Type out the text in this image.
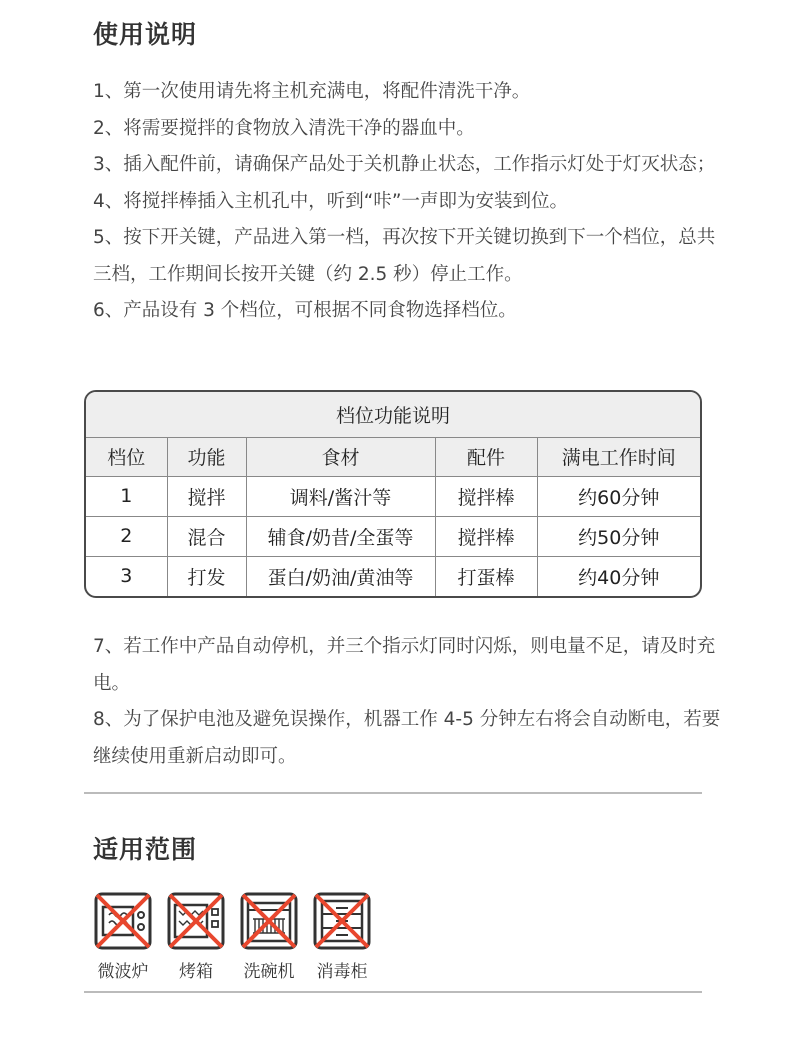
使用说明

1、第一次使用请先将主机充满电，将配件清洗干净。

2、将需要搅拌的食物放入清洗干净的器血中。

3、插入配件前，请确保产品处于关机静止状态，工作指示灯处于灯灭状态；

4、将搅拌棒插入主机孔中，听到“咔”一声即为安装到位。

5、按下开关键，产品进入第一档，再次按下开关键切换到下一个档位，总共三档，工作期间长按开关键（约 2.5 秒）停止工作。

6、产品设有 3 个档位，可根据不同食物选择档位。

档位功能说明
档位	功能	食材	配件	满电工作时间
1	搅拌	调料/酱汁等	搅拌棒	约60分钟
2	混合	辅食/奶昔/全蛋等	搅拌棒	约50分钟
3	打发	蛋白/奶油/黄油等	打蛋棒	约40分钟

7、若工作中产品自动停机，并三个指示灯同时闪烁，则电量不足，请及时充电。

8、为了保护电池及避免误操作，机器工作 4-5 分钟左右将会自动断电，若要继续使用重新启动即可。

适用范围
微波炉 烤箱 洗碗机 消毒柜
